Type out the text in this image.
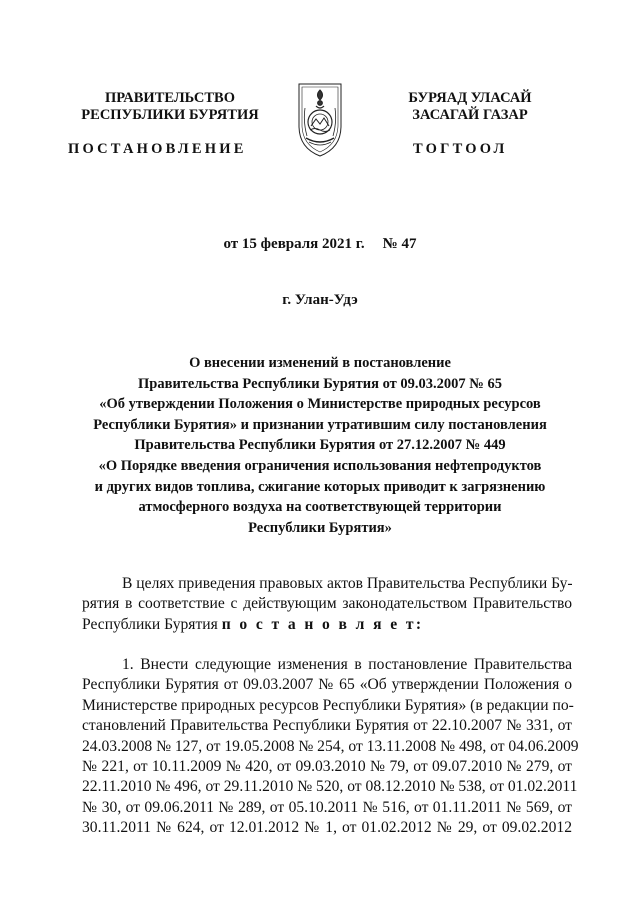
ПРАВИТЕЛЬСТВО
РЕСПУБЛИКИ БУРЯТИЯ
БУРЯАД УЛАСАЙ
ЗАСАГАЙ ГАЗАР
ПОСТАНОВЛЕНИЕ	ТОГТООЛ
от 15 февраля 2021 г. № 47
г. Улан-Удэ
О внесении изменений в постановление
Правительства Республики Бурятия от 09.03.2007 № 65
«Об утверждении Положения о Министерстве природных ресурсов
Республики Бурятия» и признании утратившим силу постановления
Правительства Республики Бурятия от 27.12.2007 № 449
«О Порядке введения ограничения использования нефтепродуктов
и других видов топлива, сжигание которых приводит к загрязнению
атмосферного воздуха на соответствующей территории
Республики Бурятия»
В целях приведения правовых актов Правительства Республики Бу-
рятия в соответствие с действующим законодательством Правительство
Республики Бурятия п о с т а н о в л я е т:
1. Внести следующие изменения в постановление Правительства
Республики Бурятия от 09.03.2007 № 65 «Об утверждении Положения о
Министерстве природных ресурсов Республики Бурятия» (в редакции по-
становлений Правительства Республики Бурятия от 22.10.2007 № 331, от
24.03.2008 № 127, от 19.05.2008 № 254, от 13.11.2008 № 498, от 04.06.2009
№ 221, от 10.11.2009 № 420, от 09.03.2010 № 79, от 09.07.2010 № 279, от
22.11.2010 № 496, от 29.11.2010 № 520, от 08.12.2010 № 538, от 01.02.2011
№ 30, от 09.06.2011 № 289, от 05.10.2011 № 516, от 01.11.2011 № 569, от
30.11.2011 № 624, от 12.01.2012 № 1, от 01.02.2012 № 29, от 09.02.2012
